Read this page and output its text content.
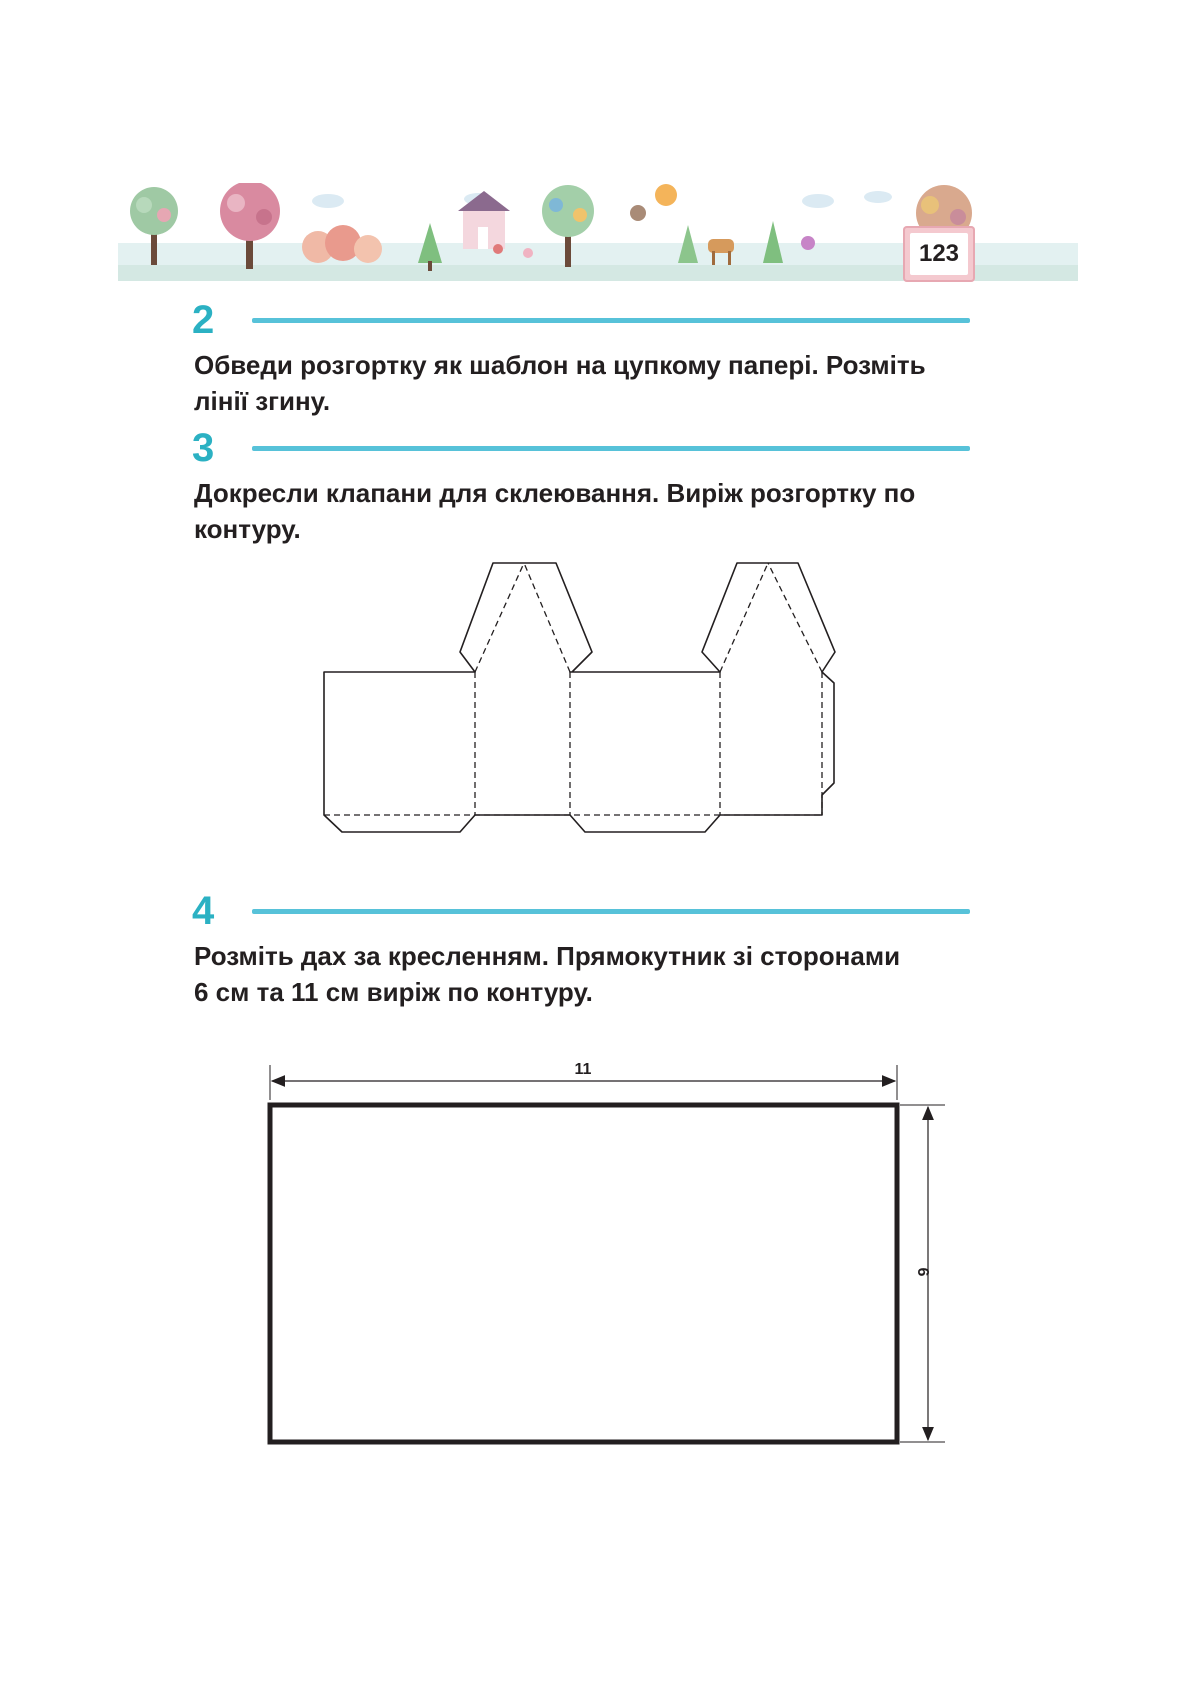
123
2
Обведи розгортку як шаблон на цупкому папері. Розміть
лінії згину.
3
Докресли клапани для склеювання. Виріж розгортку по
контуру.
4
Розміть дах за кресленням. Прямокутник зі сторонами
6 см та 11 см виріж по контуру.
11
6
